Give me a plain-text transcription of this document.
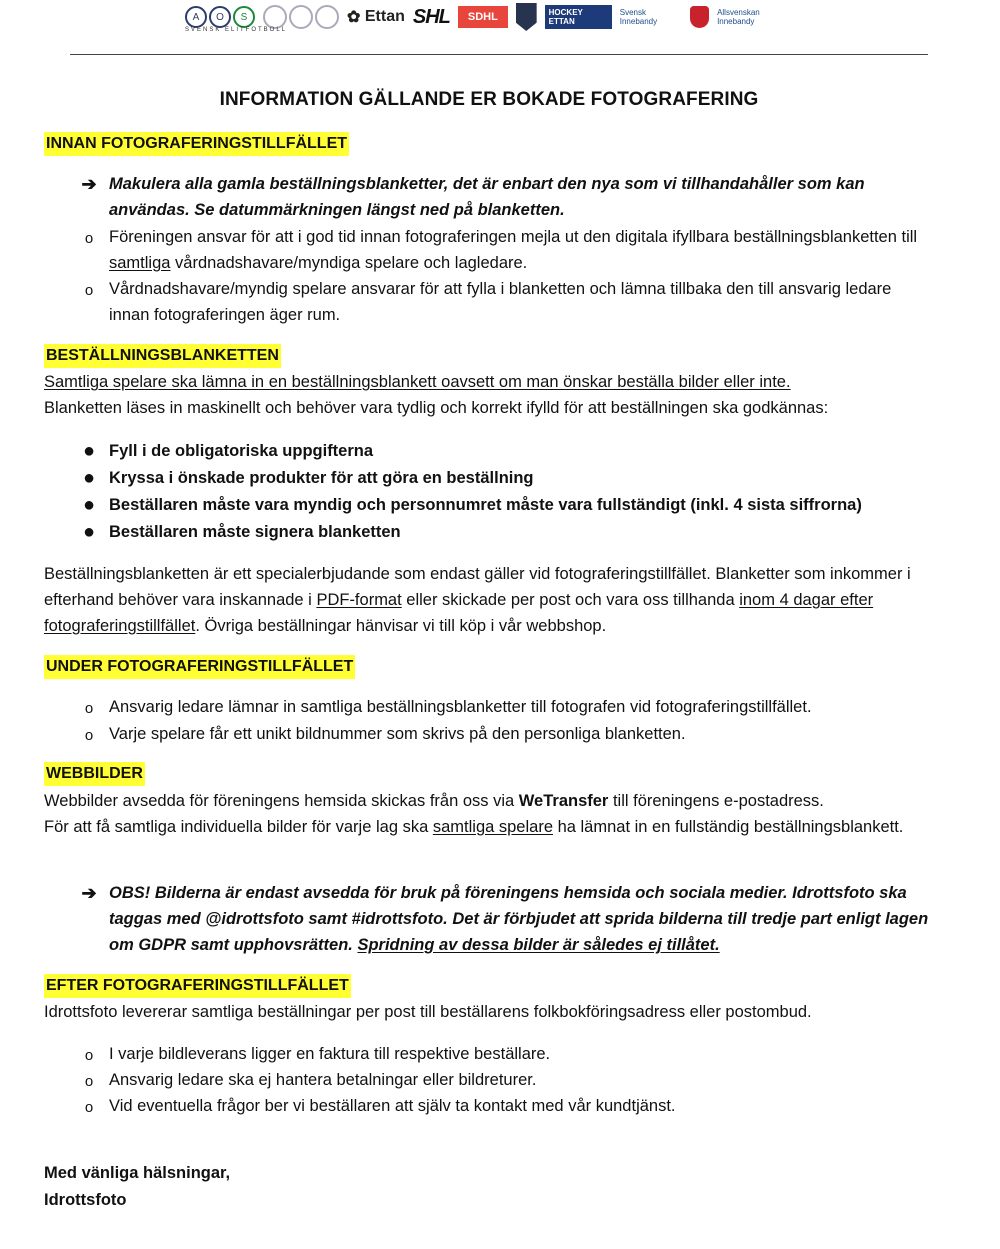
A	O	S	✿ Ettan SHL	SDHL	HOCKEY ETTAN
Svensk Innebandy
Allsvenskan Innebandy
SVENSK ELITFOTBOLL
INFORMATION GÄLLANDE ER BOKADE FOTOGRAFERING
INNAN FOTOGRAFERINGSTILLFÄLLET
➔ Makulera alla gamla beställningsblanketter, det är enbart den nya som vi tillhandahåller som kan användas. Se datummärkningen längst ned på blanketten.
o Föreningen ansvar för att i god tid innan fotograferingen mejla ut den digitala ifyllbara beställningsblanketten till samtliga vårdnadshavare/myndiga spelare och lagledare.
o Vårdnadshavare/myndig spelare ansvarar för att fylla i blanketten och lämna tillbaka den till ansvarig ledare innan fotograferingen äger rum.
BESTÄLLNINGSBLANKETTEN
Samtliga spelare ska lämna in en beställningsblankett oavsett om man önskar beställa bilder eller inte.
Blanketten läses in maskinellt och behöver vara tydlig och korrekt ifylld för att beställningen ska godkännas:
● Fyll i de obligatoriska uppgifterna
● Kryssa i önskade produkter för att göra en beställning
● Beställaren måste vara myndig och personnumret måste vara fullständigt (inkl. 4 sista siffrorna)
● Beställaren måste signera blanketten
Beställningsblanketten är ett specialerbjudande som endast gäller vid fotograferingstillfället. Blanketter som inkommer i efterhand behöver vara inskannade i PDF-format eller skickade per post och vara oss tillhanda inom 4 dagar efter fotograferingstillfället. Övriga beställningar hänvisar vi till köp i vår webbshop.
UNDER FOTOGRAFERINGSTILLFÄLLET
o Ansvarig ledare lämnar in samtliga beställningsblanketter till fotografen vid fotograferingstillfället.
o Varje spelare får ett unikt bildnummer som skrivs på den personliga blanketten.
WEBBILDER
Webbilder avsedda för föreningens hemsida skickas från oss via WeTransfer till föreningens e-postadress.
För att få samtliga individuella bilder för varje lag ska samtliga spelare ha lämnat in en fullständig beställningsblankett.
➔ OBS! Bilderna är endast avsedda för bruk på föreningens hemsida och sociala medier. Idrottsfoto ska taggas med @idrottsfoto samt #idrottsfoto. Det är förbjudet att sprida bilderna till tredje part enligt lagen om GDPR samt upphovsrätten. Spridning av dessa bilder är således ej tillåtet.
EFTER FOTOGRAFERINGSTILLFÄLLET
Idrottsfoto levererar samtliga beställningar per post till beställarens folkbokföringsadress eller postombud.
o I varje bildleverans ligger en faktura till respektive beställare.
o Ansvarig ledare ska ej hantera betalningar eller bildreturer.
o Vid eventuella frågor ber vi beställaren att själv ta kontakt med vår kundtjänst.
Med vänliga hälsningar,
Idrottsfoto
